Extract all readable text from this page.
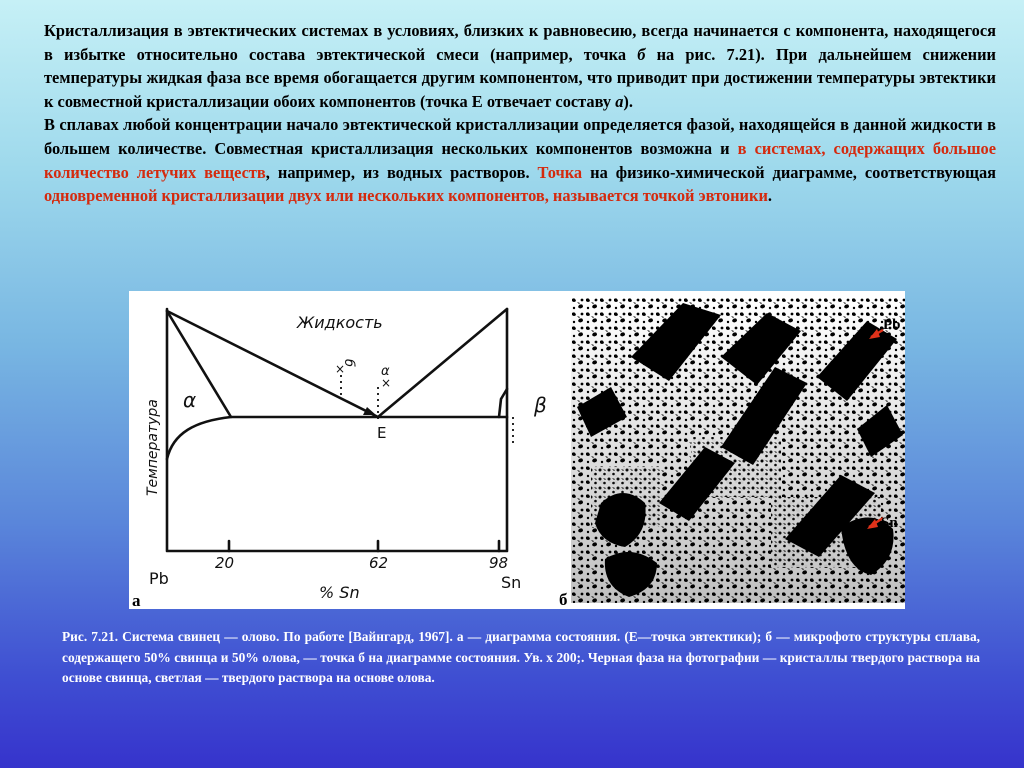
Кристаллизация в эвтектических системах в условиях, близких к равновесию, всегда начинается с компонента, находящегося в избытке относительно состава эвтектической смеси (например, точка б на рис. 7.21). При дальнейшем снижении температуры жидкая фаза все время обогащается другим компонентом, что приводит при достижении температуры эвтектики к совместной кристаллизации обоих компонентов (точка Е отвечает составу а).

В сплавах любой концентрации начало эвтектической кристаллизации определяется фазой, находящейся в данной жидкости в большем количестве. Совместная кристаллизация нескольких компонентов возможна и в системах, содержащих большое количество летучих веществ, например, из водных растворов. Точка на физико-химической диаграмме, соответствующая одновременной кристаллизации двух или нескольких компонентов, называется точкой эвтоники.

Жидкость
Температура α	β
б
×	α
×
E
20	62	98
Pb
% Sn
Sn
а
Pb
Sn
б
Рис. 7.21. Система свинец — олово. По работе [Вайнгард, 1967]. а — диаграмма состояния. (Е—точка эвтектики); б — микрофото структуры сплава, содержащего 50% свинца и 50% олова, — точка б на диаграмме состояния. Ув. х 200;. Черная фаза на фотографии — кристаллы твердого раствора на основе свинца, светлая — твердого раствора на основе олова.
